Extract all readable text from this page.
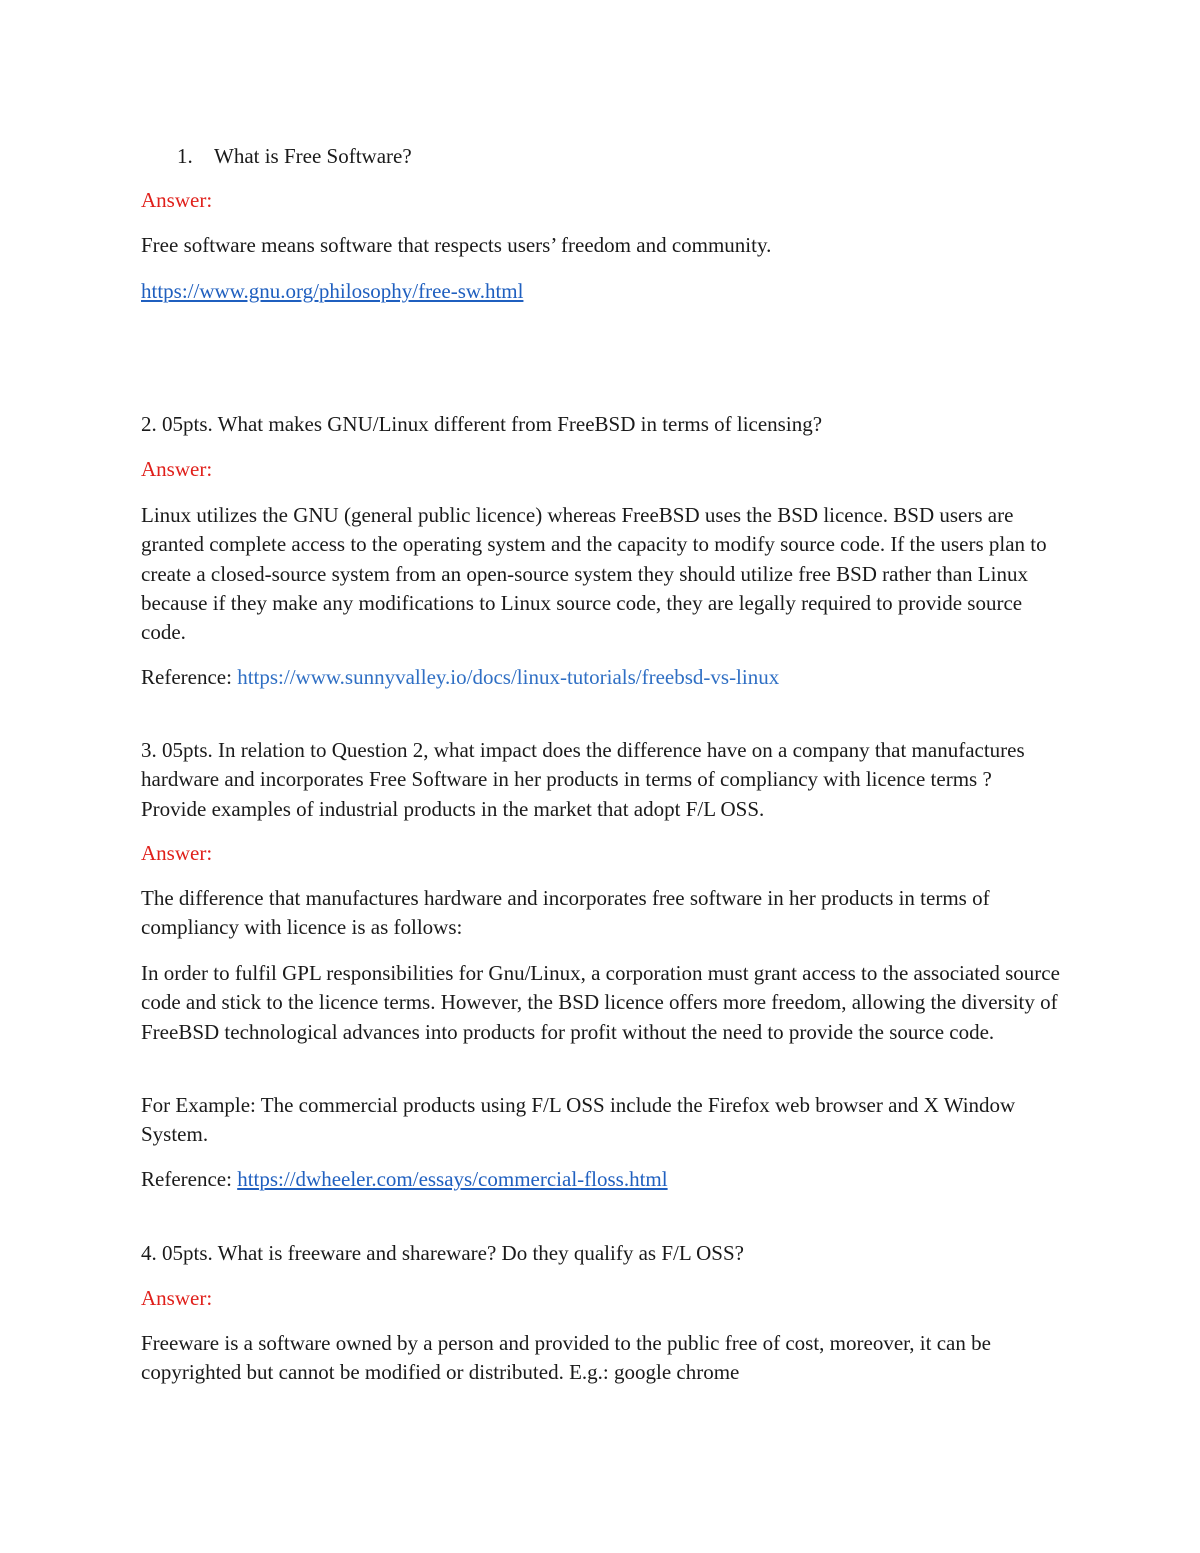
1. What is Free Software?
Answer:
Free software means software that respects users’ freedom and community.
https://www.gnu.org/philosophy/free-sw.html
2. 05pts. What makes GNU/Linux different from FreeBSD in terms of licensing?
Answer:
Linux utilizes the GNU (general public licence) whereas FreeBSD uses the BSD licence. BSD users are granted complete access to the operating system and the capacity to modify source code. If the users plan to create a closed-source system from an open-source system they should utilize free BSD rather than Linux because if they make any modifications to Linux source code, they are legally required to provide source code.
Reference: https://www.sunnyvalley.io/docs/linux-tutorials/freebsd-vs-linux
3. 05pts. In relation to Question 2, what impact does the difference have on a company that manufactures hardware and incorporates Free Software in her products in terms of compliancy with licence terms ? Provide examples of industrial products in the market that adopt F/L OSS.
Answer:
The difference that manufactures hardware and incorporates free software in her products in terms of compliancy with licence is as follows:
In order to fulfil GPL responsibilities for Gnu/Linux, a corporation must grant access to the associated source code and stick to the licence terms. However, the BSD licence offers more freedom, allowing the diversity of FreeBSD technological advances into products for profit without the need to provide the source code.
For Example: The commercial products using F/L OSS include the Firefox web browser and X Window System.
Reference: https://dwheeler.com/essays/commercial-floss.html
4. 05pts. What is freeware and shareware? Do they qualify as F/L OSS?
Answer:
Freeware is a software owned by a person and provided to the public free of cost, moreover, it can be copyrighted but cannot be modified or distributed. E.g.: google chrome
